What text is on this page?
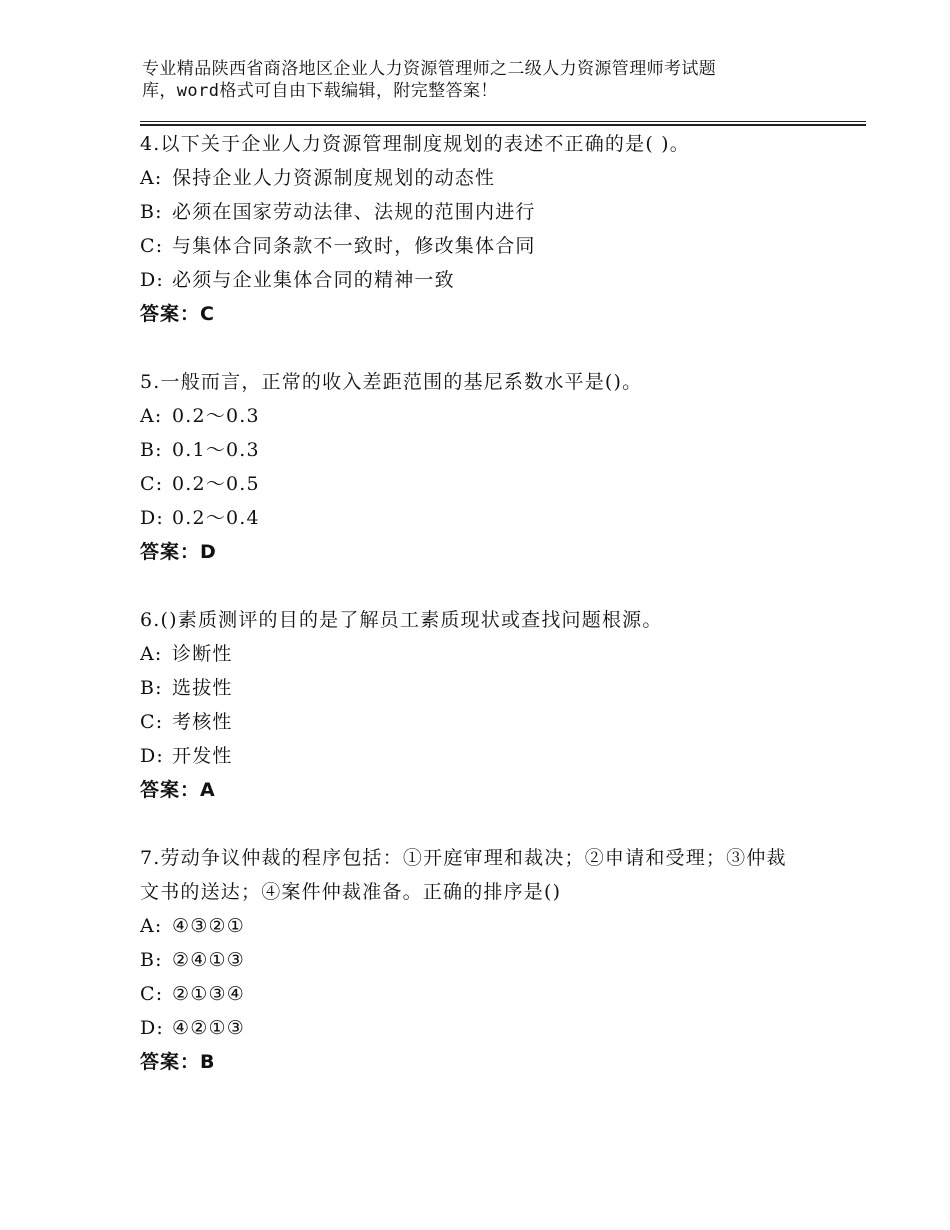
专业精品陕西省商洛地区企业人力资源管理师之二级人力资源管理师考试题
库，word格式可自由下载编辑，附完整答案！
4.以下关于企业人力资源管理制度规划的表述不正确的是( )。
A: 保持企业人力资源制度规划的动态性
B: 必须在国家劳动法律、法规的范围内进行
C: 与集体合同条款不一致时，修改集体合同
D: 必须与企业集体合同的精神一致
答案：C
5.一般而言，正常的收入差距范围的基尼系数水平是()。
A: 0.2～0.3
B: 0.1～0.3
C: 0.2～0.5
D: 0.2～0.4
答案：D
6.()素质测评的目的是了解员工素质现状或查找问题根源。
A: 诊断性
B: 选拔性
C: 考核性
D: 开发性
答案：A
7.劳动争议仲裁的程序包括：①开庭审理和裁决；②申请和受理；③仲裁文书的送达；④案件仲裁准备。正确的排序是()
A: ④③②①
B: ②④①③
C: ②①③④
D: ④②①③
答案：B
